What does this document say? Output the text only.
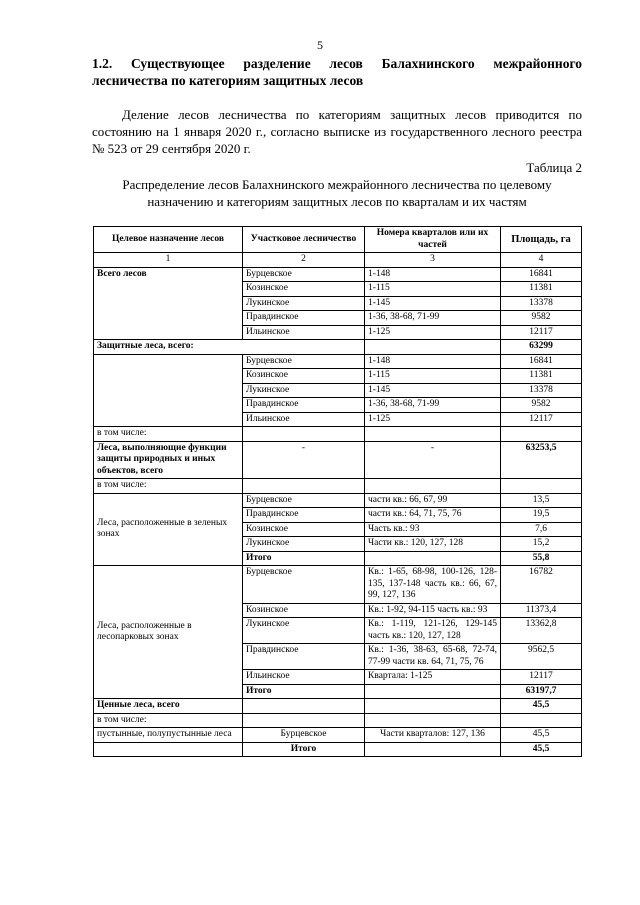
5
1.2. Существующее разделение лесов Балахнинского межрайонного лесничества по категориям защитных лесов
Деление лесов лесничества по категориям защитных лесов приводится по состоянию на 1 января 2020 г., согласно выписке из государственного лесного реестра № 523 от 29 сентября 2020 г.
Таблица 2
Распределение лесов Балахнинского межрайонного лесничества по целевому назначению и категориям защитных лесов по кварталам и их частям
Целевое назначение лесов	Участковое лесничество	Номера кварталов или их частей	Площадь, га
1	2	3	4
Всего лесов	Бурцевское	1-148	16841
	Козинское	1-115	11381
	Лукинское	1-145	13378
	Правдинское	1-36, 38-68, 71-99	9582
	Ильинское	1-125	12117
Защитные леса, всего:			63299
	Бурцевское	1-148	16841
	Козинское	1-115	11381
	Лукинское	1-145	13378
	Правдинское	1-36, 38-68, 71-99	9582
	Ильинское	1-125	12117
в том числе:			
Леса, выполняющие функции защиты природных и иных объектов, всего	-	-	63253,5
в том числе:			
Леса, расположенные в зеленых зонах	Бурцевское	части кв.: 66, 67, 99	13,5
	Правдинское	части кв.: 64, 71, 75, 76	19,5
	Козинское	Часть кв.: 93	7,6
	Лукинское	Части кв.: 120, 127, 128	15,2
	Итого		55,8
Леса, расположенные в лесопарковых зонах	Бурцевское	Кв.: 1-65, 68-98, 100-126, 128-135, 137-148 часть кв.: 66, 67, 99, 127, 136	16782
	Козинское	Кв.: 1-92, 94-115 часть кв.: 93	11373,4
	Лукинское	Кв.: 1-119, 121-126, 129-145 часть кв.: 120, 127, 128	13362,8
	Правдинское	Кв.: 1-36, 38-63, 65-68, 72-74, 77-99 части кв. 64, 71, 75, 76	9562,5
	Ильинское	Квартала: 1-125	12117
	Итого		63197,7
Ценные леса, всего			45,5
в том числе:			
пустынные, полупустынные леса	Бурцевское	Части кварталов: 127, 136	45,5
	Итого		45,5
